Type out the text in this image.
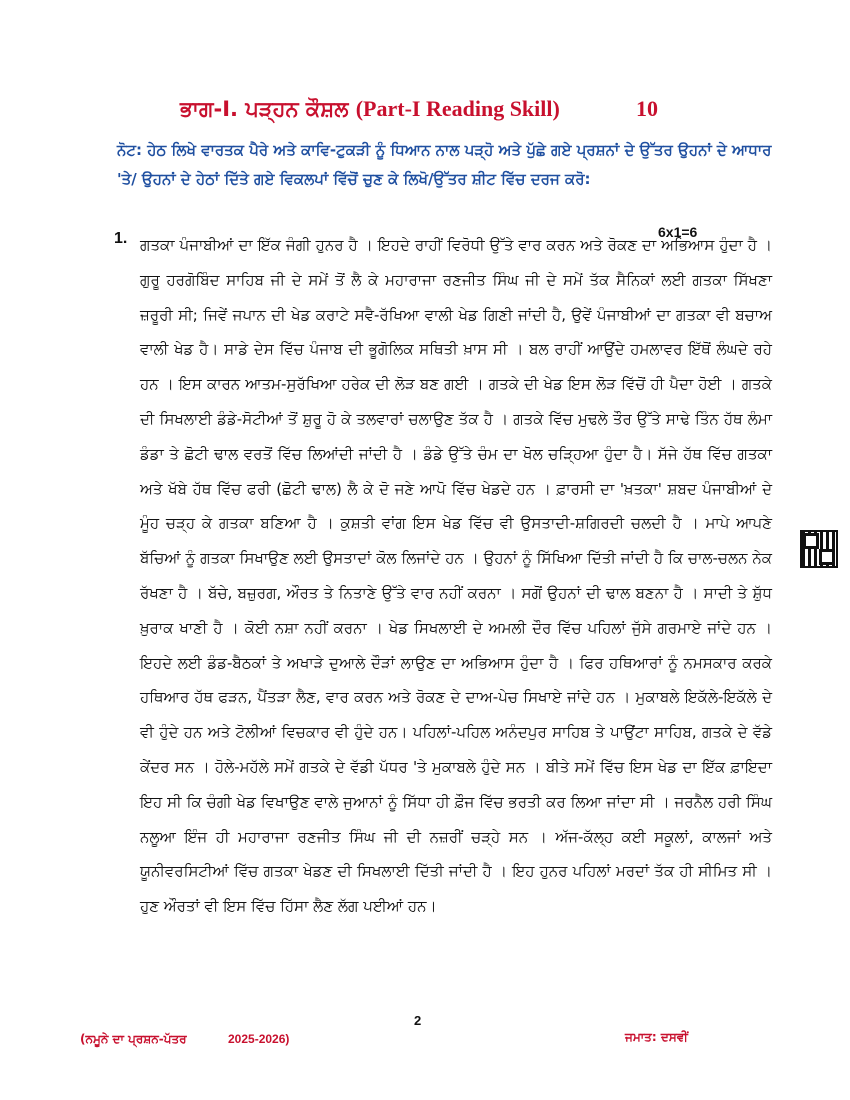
ਭਾਗ-I. ਪੜ੍ਹਨ ਕੌਸ਼ਲ (Part-I Reading Skill)	10
ਨੋਟ: ਹੇਠ ਲਿਖੇ ਵਾਰਤਕ ਪੈਰੇ ਅਤੇ ਕਾਵਿ-ਟੁਕੜੀ ਨੂੰ ਧਿਆਨ ਨਾਲ ਪੜ੍ਹੋ ਅਤੇ ਪੁੱਛੇ ਗਏ ਪ੍ਰਸ਼ਨਾਂ ਦੇ ਉੱਤਰ ਉਹਨਾਂ ਦੇ ਆਧਾਰ 'ਤੇ/ ਉਹਨਾਂ ਦੇ ਹੇਠਾਂ ਦਿੱਤੇ ਗਏ ਵਿਕਲਪਾਂ ਵਿੱਚੋਂ ਚੁਣ ਕੇ ਲਿਖੋ/ਉੱਤਰ ਸ਼ੀਟ ਵਿੱਚ ਦਰਜ ਕਰੋ:
6x1=6
1. ਗਤਕਾ ਪੰਜਾਬੀਆਂ ਦਾ ਇੱਕ ਜੰਗੀ ਹੁਨਰ ਹੈ । ਇਹਦੇ ਰਾਹੀਂ ਵਿਰੋਧੀ ਉੱਤੇ ਵਾਰ ਕਰਨ ਅਤੇ ਰੋਕਣ ਦਾ ਅਭਿਆਸ ਹੁੰਦਾ ਹੈ । ਗੁਰੂ ਹਰਗੋਬਿੰਦ ਸਾਹਿਬ ਜੀ ਦੇ ਸਮੇਂ ਤੋਂ ਲੈ ਕੇ ਮਹਾਰਾਜਾ ਰਣਜੀਤ ਸਿੰਘ ਜੀ ਦੇ ਸਮੇਂ ਤੱਕ ਸੈਨਿਕਾਂ ਲਈ ਗਤਕਾ ਸਿੱਖਣਾ ਜ਼ਰੂਰੀ ਸੀ; ਜਿਵੇਂ ਜਪਾਨ ਦੀ ਖੇਡ ਕਰਾਟੇ ਸਵੈ-ਰੱਖਿਆ ਵਾਲੀ ਖੇਡ ਗਿਣੀ ਜਾਂਦੀ ਹੈ, ਉਵੇਂ ਪੰਜਾਬੀਆਂ ਦਾ ਗਤਕਾ ਵੀ ਬਚਾਅ ਵਾਲੀ ਖੇਡ ਹੈ। ਸਾਡੇ ਦੇਸ ਵਿੱਚ ਪੰਜਾਬ ਦੀ ਭੂਗੋਲਿਕ ਸਥਿਤੀ ਖ਼ਾਸ ਸੀ । ਬਲ ਰਾਹੀਂ ਆਉਂਦੇ ਹਮਲਾਵਰ ਇੱਥੋਂ ਲੰਘਦੇ ਰਹੇ ਹਨ । ਇਸ ਕਾਰਨ ਆਤਮ-ਸੁਰੱਖਿਆ ਹਰੇਕ ਦੀ ਲੋੜ ਬਣ ਗਈ । ਗਤਕੇ ਦੀ ਖੇਡ ਇਸ ਲੋੜ ਵਿੱਚੋਂ ਹੀ ਪੈਦਾ ਹੋਈ । ਗਤਕੇ ਦੀ ਸਿਖਲਾਈ ਡੰਡੇ-ਸੋਟੀਆਂ ਤੋਂ ਸ਼ੁਰੂ ਹੋ ਕੇ ਤਲਵਾਰਾਂ ਚਲਾਉਣ ਤੱਕ ਹੈ । ਗਤਕੇ ਵਿੱਚ ਮੁਢਲੇ ਤੌਰ ਉੱਤੇ ਸਾਢੇ ਤਿੰਨ ਹੱਥ ਲੰਮਾ ਡੰਡਾ ਤੇ ਛੋਟੀ ਢਾਲ ਵਰਤੋਂ ਵਿੱਚ ਲਿਆਂਦੀ ਜਾਂਦੀ ਹੈ । ਡੰਡੇ ਉੱਤੇ ਚੰਮ ਦਾ ਖੋਲ ਚੜ੍ਹਿਆ ਹੁੰਦਾ ਹੈ। ਸੱਜੇ ਹੱਥ ਵਿੱਚ ਗਤਕਾ ਅਤੇ ਖੱਬੇ ਹੱਥ ਵਿੱਚ ਫਰੀ (ਛੋਟੀ ਢਾਲ) ਲੈ ਕੇ ਦੋ ਜਣੇ ਆਪੋ ਵਿੱਚ ਖੇਡਦੇ ਹਨ । ਫ਼ਾਰਸੀ ਦਾ 'ਖ਼ਤਕਾ' ਸ਼ਬਦ ਪੰਜਾਬੀਆਂ ਦੇ ਮੂੰਹ ਚੜ੍ਹ ਕੇ ਗਤਕਾ ਬਣਿਆ ਹੈ । ਕੁਸ਼ਤੀ ਵਾਂਗ ਇਸ ਖੇਡ ਵਿੱਚ ਵੀ ਉਸਤਾਦੀ-ਸ਼ਗਿਰਦੀ ਚਲਦੀ ਹੈ । ਮਾਪੇ ਆਪਣੇ ਬੱਚਿਆਂ ਨੂੰ ਗਤਕਾ ਸਿਖਾਉਣ ਲਈ ਉਸਤਾਦਾਂ ਕੋਲ ਲਿਜਾਂਦੇ ਹਨ । ਉਹਨਾਂ ਨੂੰ ਸਿੱਖਿਆ ਦਿੱਤੀ ਜਾਂਦੀ ਹੈ ਕਿ ਚਾਲ-ਚਲਨ ਨੇਕ ਰੱਖਣਾ ਹੈ । ਬੱਚੇ, ਬਜ਼ੁਰਗ, ਔਰਤ ਤੇ ਨਿਤਾਣੇ ਉੱਤੇ ਵਾਰ ਨਹੀਂ ਕਰਨਾ । ਸਗੋਂ ਉਹਨਾਂ ਦੀ ਢਾਲ ਬਣਨਾ ਹੈ । ਸਾਦੀ ਤੇ ਸ਼ੁੱਧ ਖ਼ੁਰਾਕ ਖਾਣੀ ਹੈ । ਕੋਈ ਨਸ਼ਾ ਨਹੀਂ ਕਰਨਾ । ਖੇਡ ਸਿਖਲਾਈ ਦੇ ਅਮਲੀ ਦੌਰ ਵਿੱਚ ਪਹਿਲਾਂ ਜੁੱਸੇ ਗਰਮਾਏ ਜਾਂਦੇ ਹਨ । ਇਹਦੇ ਲਈ ਡੰਡ-ਬੈਠਕਾਂ ਤੇ ਅਖਾੜੇ ਦੁਆਲੇ ਦੌੜਾਂ ਲਾਉਣ ਦਾ ਅਭਿਆਸ ਹੁੰਦਾ ਹੈ । ਫਿਰ ਹਥਿਆਰਾਂ ਨੂੰ ਨਮਸਕਾਰ ਕਰਕੇ ਹਥਿਆਰ ਹੱਥ ਫੜਨ, ਪੈਂਤੜਾ ਲੈਣ, ਵਾਰ ਕਰਨ ਅਤੇ ਰੋਕਣ ਦੇ ਦਾਅ-ਪੇਚ ਸਿਖਾਏ ਜਾਂਦੇ ਹਨ । ਮੁਕਾਬਲੇ ਇਕੱਲੇ-ਇਕੱਲੇ ਦੇ ਵੀ ਹੁੰਦੇ ਹਨ ਅਤੇ ਟੋਲੀਆਂ ਵਿਚਕਾਰ ਵੀ ਹੁੰਦੇ ਹਨ। ਪਹਿਲਾਂ-ਪਹਿਲ ਅਨੰਦਪੁਰ ਸਾਹਿਬ ਤੇ ਪਾਉਂਟਾ ਸਾਹਿਬ, ਗਤਕੇ ਦੇ ਵੱਡੇ ਕੇਂਦਰ ਸਨ । ਹੋਲੇ-ਮਹੱਲੇ ਸਮੇਂ ਗਤਕੇ ਦੇ ਵੱਡੀ ਪੱਧਰ 'ਤੇ ਮੁਕਾਬਲੇ ਹੁੰਦੇ ਸਨ । ਬੀਤੇ ਸਮੇਂ ਵਿੱਚ ਇਸ ਖੇਡ ਦਾ ਇੱਕ ਫ਼ਾਇਦਾ ਇਹ ਸੀ ਕਿ ਚੰਗੀ ਖੇਡ ਵਿਖਾਉਣ ਵਾਲੇ ਜੁਆਨਾਂ ਨੂੰ ਸਿੱਧਾ ਹੀ ਫ਼ੌਜ ਵਿੱਚ ਭਰਤੀ ਕਰ ਲਿਆ ਜਾਂਦਾ ਸੀ । ਜਰਨੈਲ ਹਰੀ ਸਿੰਘ ਨਲੂਆ ਇੰਜ ਹੀ ਮਹਾਰਾਜਾ ਰਣਜੀਤ ਸਿੰਘ ਜੀ ਦੀ ਨਜ਼ਰੀਂ ਚੜ੍ਹੇ ਸਨ । ਅੱਜ-ਕੱਲ੍ਹ ਕਈ ਸਕੂਲਾਂ, ਕਾਲਜਾਂ ਅਤੇ ਯੂਨੀਵਰਸਿਟੀਆਂ ਵਿੱਚ ਗਤਕਾ ਖੇਡਣ ਦੀ ਸਿਖਲਾਈ ਦਿੱਤੀ ਜਾਂਦੀ ਹੈ । ਇਹ ਹੁਨਰ ਪਹਿਲਾਂ ਮਰਦਾਂ ਤੱਕ ਹੀ ਸੀਮਿਤ ਸੀ । ਹੁਣ ਔਰਤਾਂ ਵੀ ਇਸ ਵਿੱਚ ਹਿੱਸਾ ਲੈਣ ਲੱਗ ਪਈਆਂ ਹਨ।
2
(ਨਮੂਨੇ ਦਾ ਪ੍ਰਸ਼ਨ-ਪੱਤਰ	2025-2026)	ਜਮਾਤ: ਦਸਵੀਂ
